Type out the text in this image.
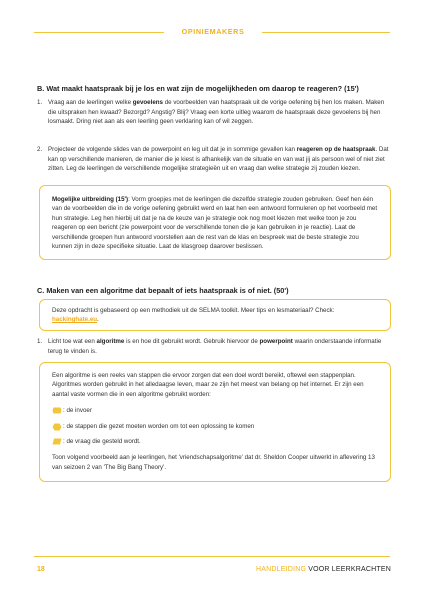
OPINIEMAKERS
B. Wat maakt haatspraak bij je los en wat zijn de mogelijkheden om daarop te reageren? (15')
1. Vraag aan de leerlingen welke gevoelens de voorbeelden van haatspraak uit de vorige oefening bij hen los maken. Maken die uitspraken hen kwaad? Bezorgd? Angstig? Blij? Vraag een korte uitleg waarom de haatspraak deze gevoelens bij hen losmaakt. Dring niet aan als een leerling geen verklaring kan of wil zeggen.
2. Projecteer de volgende slides van de powerpoint en leg uit dat je in sommige gevallen kan reageren op de haatspraak. Dat kan op verschillende manieren, de manier die je kiest is afhankelijk van de situatie en van wat jij als persoon wel of niet ziet zitten. Leg de leerlingen de verschillende mogelijke strategieën uit en vraag dan welke strategie zij zouden kiezen.
Mogelijke uitbreiding (15'): Vorm groepjes met de leerlingen die dezelfde strategie zouden gebruiken. Geef hen één van de voorbeelden die in de vorige oefening gebruikt werd en laat hen een antwoord formuleren op het voorbeeld met hun strategie. Leg hen hierbij uit dat je na de keuze van je strategie ook nog moet kiezen met welke toon je zou reageren op een bericht (zie powerpoint voor de verschillende tonen die je kan gebruiken in je reactie). Laat de verschillende groepen hun antwoord voorstellen aan de rest van de klas en bespreek wat de beste strategie zou kunnen zijn in deze specifieke situatie. Laat de klasgroep daarover beslissen.
C. Maken van een algoritme dat bepaalt of iets haatspraak is of niet. (50')
Deze opdracht is gebaseerd op een methodiek uit de SELMA toolkit. Meer tips en lesmateriaal? Check: hackinghate.eu.
1. Licht toe wat een algoritme is en hoe dit gebruikt wordt. Gebruik hiervoor de powerpoint waarin onderstaande informatie terug te vinden is.

Een algoritme is een reeks van stappen die ervoor zorgen dat een doel wordt bereikt, oftewel een stappenplan. Algoritmes worden gebruikt in het alledaagse leven, maar ze zijn het meest van belang op het internet. Er zijn een aantal vaste vormen die in een algoritme gebruikt worden:

: de invoer

: de stappen die gezet moeten worden om tot een oplossing te komen

: de vraag die gesteld wordt.

Toon volgend voorbeeld aan je leerlingen, het 'vriendschapsalgoritme' dat dr. Sheldon Cooper uitwerkt in aflevering 13 van seizoen 2 van 'The Big Bang Theory'.

18	HANDLEIDING VOOR LEERKRACHTEN
